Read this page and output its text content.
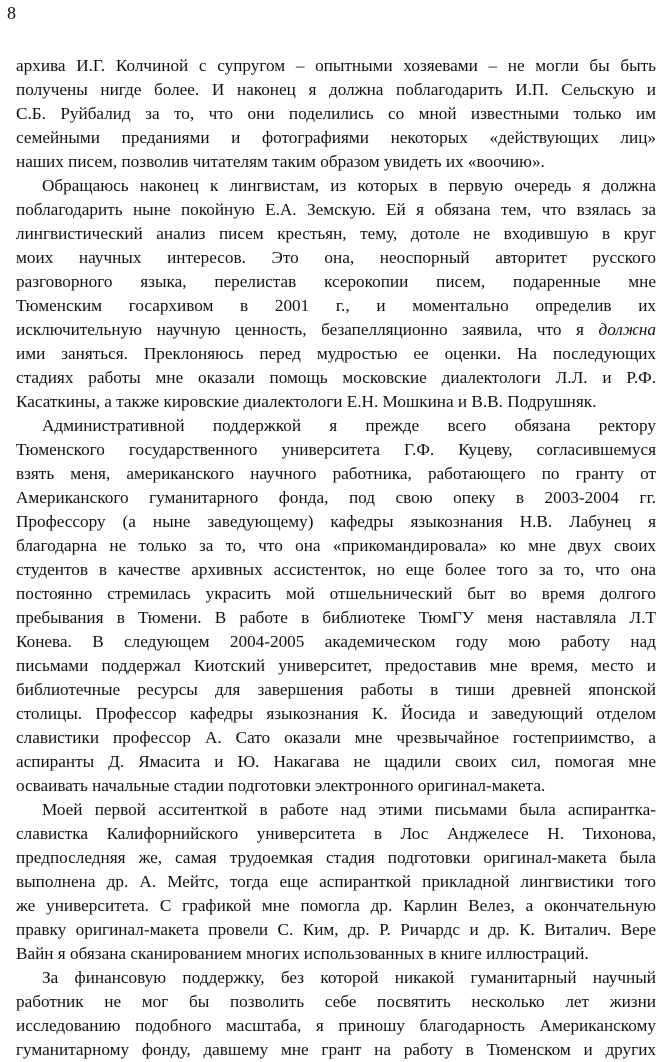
8
архива И.Г. Колчиной с супругом – опытными хозяевами – не могли бы быть
получены нигде более. И наконец я должна поблагодарить И.П. Сельскую и
С.Б. Руйбалид за то, что они поделились со мной известными только им
семейными преданиями и фотографиями некоторых «действующих лиц»
наших писем, позволив читателям таким образом увидеть их «воочию».
Обращаюсь наконец к лингвистам, из которых в первую очередь я должна
поблагодарить ныне покойную Е.А. Земскую. Ей я обязана тем, что взялась за
лингвистический анализ писем крестьян, тему, дотоле не входившую в круг
моих научных интересов. Это она, неоспорный авторитет русского
разговорного языка, перелистав ксерокопии писем, подаренные мне
Тюменским госархивом в 2001 г., и моментально определив их
исключительную научную ценность, безапелляционно заявила, что я должна
ими заняться. Преклоняюсь перед мудростью ее оценки. На последующих
стадиях работы мне оказали помощь московские диалектологи Л.Л. и Р.Ф.
Касаткины, а также кировские диалектологи Е.Н. Мошкина и В.В. Подрушняк.
Административной поддержкой я прежде всего обязана ректору
Тюменского государственного университета Г.Ф. Куцеву, согласившемуся
взять меня, американского научного работника, работающего по гранту от
Американского гуманитарного фонда, под свою опеку в 2003-2004 гг.
Профессору (а ныне заведующему) кафедры языкознания Н.В. Лабунец я
благодарна не только за то, что она «прикомандировала» ко мне двух своих
студентов в качестве архивных ассистенток, но еще более того за то, что она
постоянно стремилась украсить мой отшельнический быт во время долгого
пребывания в Тюмени. В работе в библиотеке ТюмГУ меня наставляла Л.Т
Конева. В следующем 2004-2005 академическом году мою работу над
письмами поддержал Киотский университет, предоставив мне время, место и
библиотечные ресурсы для завершения работы в тиши древней японской
столицы. Профессор кафедры языкознания К. Йосида и заведующий отделом
славистики профессор А. Сато оказали мне чрезвычайное гостеприимство, а
аспиранты Д. Ямасита и Ю. Накагава не щадили своих сил, помогая мне
осваивать начальные стадии подготовки электронного оригинал-макета.
Моей первой асситенткой в работе над этими письмами была аспирантка-
славистка Калифорнийского университета в Лос Анджелесе Н. Тихонова,
предпоследняя же, самая трудоемкая стадия подготовки оригинал-макета была
выполнена др. А. Мейтс, тогда еще аспиранткой прикладной лингвистики того
же университета. С графикой мне помогла др. Карлин Велез, а окончательную
правку оригинал-макета провели С. Ким, др. Р. Ричардс и др. К. Виталич. Вере
Вайн я обязана сканированием многих использованных в книге иллюстраций.
За финансовую поддержку, без которой никакой гуманитарный научный
работник не мог бы позволить себе посвятить несколько лет жизни
исследованию подобного масштаба, я приношу благодарность Американскому
гуманитарному фонду, давшему мне грант на работу в Тюменском и других
